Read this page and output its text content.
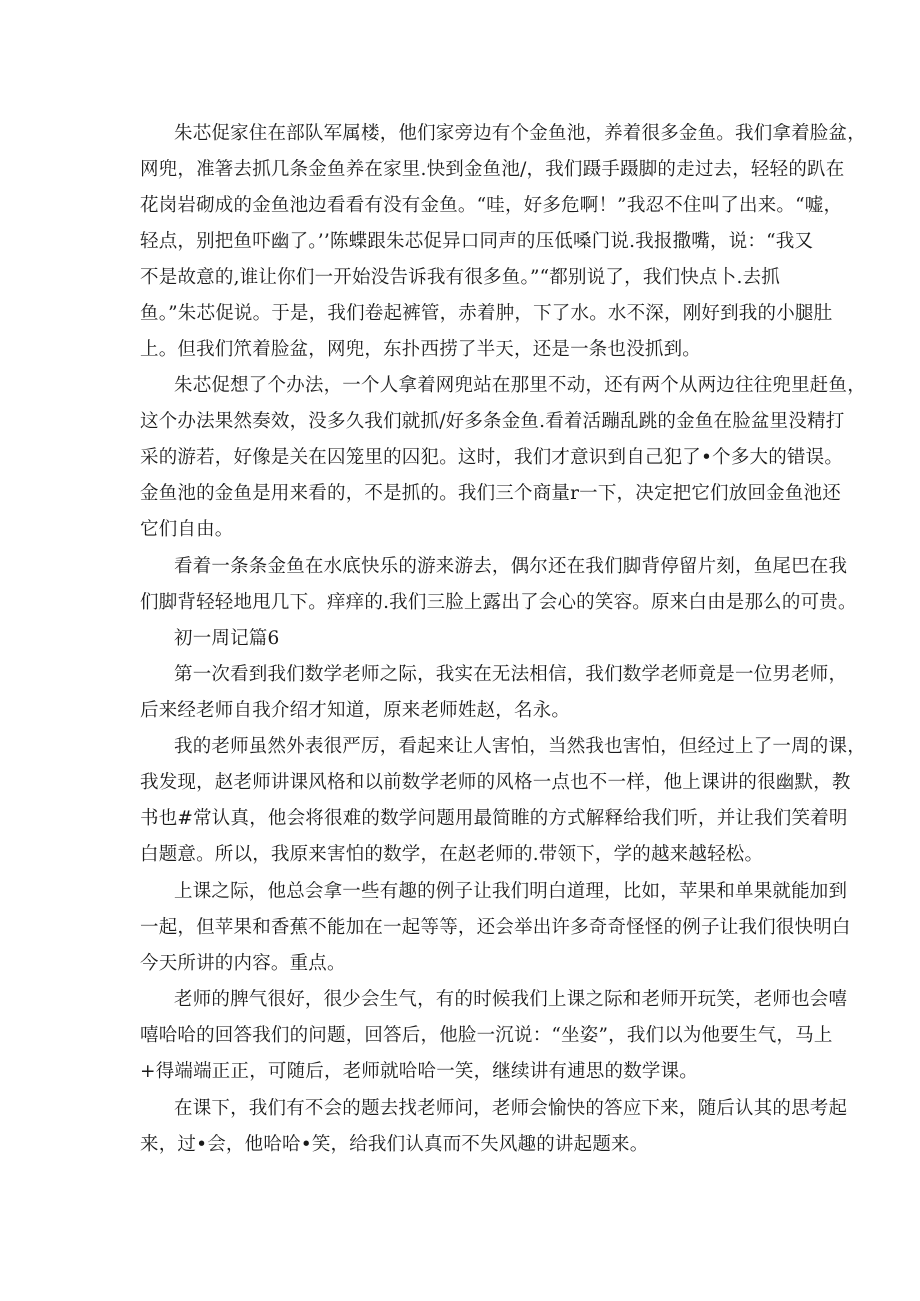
朱芯促家住在部队军属楼，他们家旁边有个金鱼池，养着很多金鱼。我们拿着脸盆，
网兜，准箸去抓几条金鱼养在家里.快到金鱼池/，我们蹑手蹑脚的走过去，轻轻的趴在
花岗岩砌成的金鱼池边看看有没有金鱼。“哇，好多危啊！”我忍不住叫了出来。“嘘，
轻点，别把鱼吓幽了。’’陈蝶跟朱芯促异口同声的压低嗓门说.我报撒嘴，说：“我又
不是故意的,谁让你们一开始没告诉我有很多鱼。”“都别说了，我们快点卜.去抓
鱼。”朱芯促说。于是，我们卷起裤管，赤着肿，下了水。水不深，刚好到我的小腿肚
上。但我们笊着脸盆，网兜，东扑西捞了半天，还是一条也没抓到。
朱芯促想了个办法，一个人拿着网兜站在那里不动，还有两个从两边往往兜里赶鱼，
这个办法果然奏效，没多久我们就抓/好多条金鱼.看着活蹦乱跳的金鱼在脸盆里没精打
采的游若，好像是关在囚笼里的囚犯。这时，我们才意识到自己犯了•个多大的错误。
金鱼池的金鱼是用来看的，不是抓的。我们三个商量r一下，决定把它们放回金鱼池还
它们自由。
看着一条条金鱼在水底快乐的游来游去，偶尔还在我们脚背停留片刻，鱼尾巴在我
们脚背轻轻地甩几下。痒痒的.我们三脸上露出了会心的笑容。原来白由是那么的可贵。
初一周记篇6
第一次看到我们数学老师之际，我实在无法相信，我们数学老师竟是一位男老师，
后来经老师自我介绍才知道，原来老师姓赵，名永。
我的老师虽然外表很严厉，看起来让人害怕，当然我也害怕，但经过上了一周的课，
我发现，赵老师讲课风格和以前数学老师的风格一点也不一样，他上课讲的很幽默，教
书也#常认真，他会将很难的数学问题用最简睢的方式解释给我们听，并让我们笑着明
白题意。所以，我原来害怕的数学，在赵老师的.带领下，学的越来越轻松。
上课之际，他总会拿一些有趣的例子让我们明白道理，比如，苹果和单果就能加到
一起，但苹果和香蕉不能加在一起等等，还会举出许多奇奇怪怪的例子让我们很快明白
今天所讲的内容。重点。
老师的脾气很好，很少会生气，有的时候我们上课之际和老师开玩笑，老师也会嘻
嘻哈哈的回答我们的问题，回答后，他脸一沉说：“坐姿”，我们以为他要生气，马上
+得端端正正，可随后，老师就哈哈一笑，继续讲有逋思的数学课。
在课下，我们有不会的题去找老师问，老师会愉快的答应下来，随后认其的思考起
来，过•会，他哈哈•笑，给我们认真而不失风趣的讲起题来。
